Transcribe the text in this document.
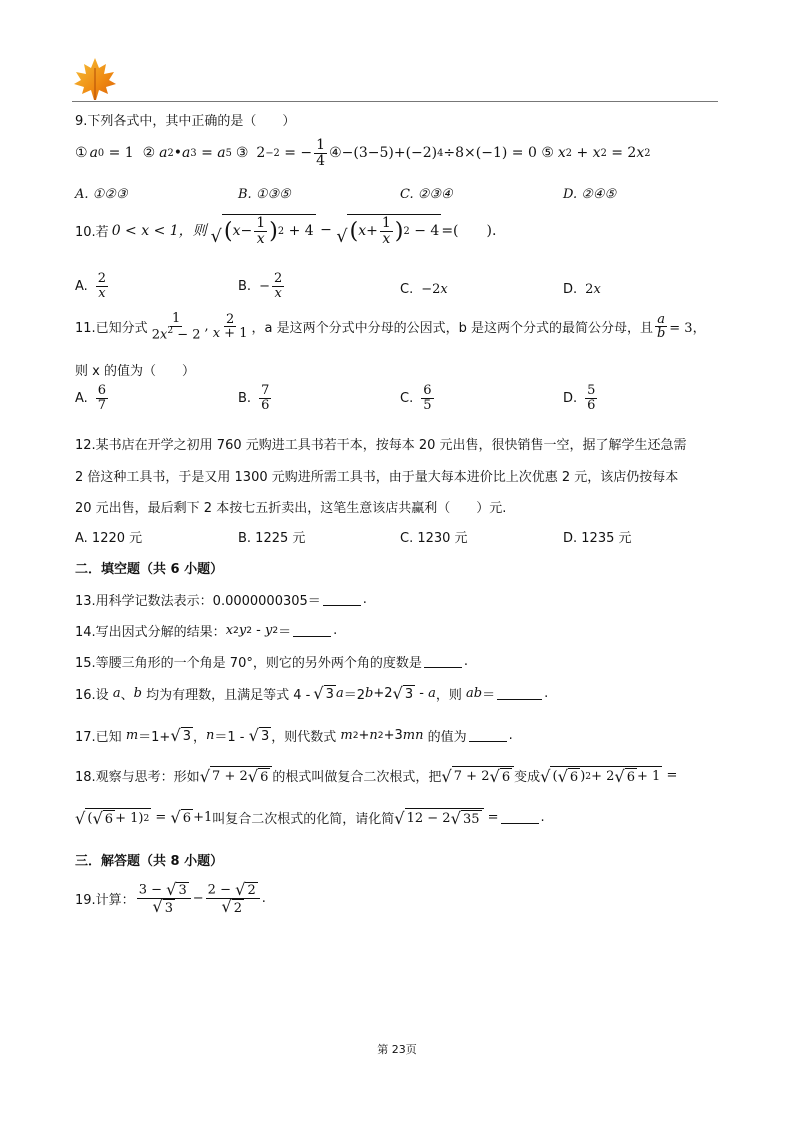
9.下列各式中，其中正确的是（　　）
① a 0 = 1 ② a 2 • a 3 = a 5 ③ 2 −2 = − $\frac{1}{4}$ ④ −(3−5)+(−2) 4 ÷8×(−1) = 0 ⑤ x 2 + x 2 = 2 x 2
A. ①②③	B. ①③⑤	C. ②③④	D. ②④⑤
10.若 0 < x < 1，则 √ ( $x - \frac{1}{x}$ ) 2 + 4 − √ ( $x + \frac{1}{x}$ ) 2 − 4 =(　　).
A. $\frac{2}{x}$	B. − $\frac{2}{x}$	C. −2x	D. 2x
11.已知分式 $\frac{1}{2x^2 - 2}$ , $\frac{2}{x + 1}$ ，a 是这两个分式中分母的公因式，b 是这两个分式的最简公分母，且 $\frac{a}{b} = 3$，
则 x 的值为（　　）
A. $\frac{6}{7}$	B. $\frac{7}{6}$	C. $\frac{6}{5}$	D. $\frac{5}{6}$
12.某书店在开学之初用 760 元购进工具书若干本，按每本 20 元出售，很快销售一空，据了解学生还急需
2 倍这种工具书，于是又用 1300 元购进所需工具书，由于量大每本进价比上次优惠 2 元，该店仍按每本
20 元出售，最后剩下 2 本按七五折卖出，这笔生意该店共赢利（　　）元.
A. 1220 元	B. 1225 元	C. 1230 元	D. 1235 元
二．填空题（共 6 小题）
13.用科学记数法表示：0.0000000305＝	.
14.写出因式分解的结果： x 2 y 2 - y 2 ＝	.
15.等腰三角形的一个角是 70°，则它的另外两个角的度数是	.
16.设 a 、 b 均为有理数，且满足等式 4 - √ 3 a ＝2 b +2 √ 3 - a ，则 ab ＝	.
17.已知 m ＝1+ √ 3 ， n ＝1 - √ 3 ，则代数式 m 2 + n 2 +3 mn 的值为	.
18.观察与思考：形如 √ 7 + 2 √ 6 的根式叫做复合二次根式，把 √ 7 + 2 √ 6 变成 √ ( √ 6 ) 2 + 2 √ 6 + 1 =
√ ( √ 6 + 1) 2 = √ 6 +1 叫复合二次根式的化简，请化简 √ 12 − 2 √ 35 =	.
三．解答题（共 8 小题）
19.计算： $\frac{3 - √ 3}{√ 3} - \frac{2 - √ 2}{√ 2}$ .
第 23页
